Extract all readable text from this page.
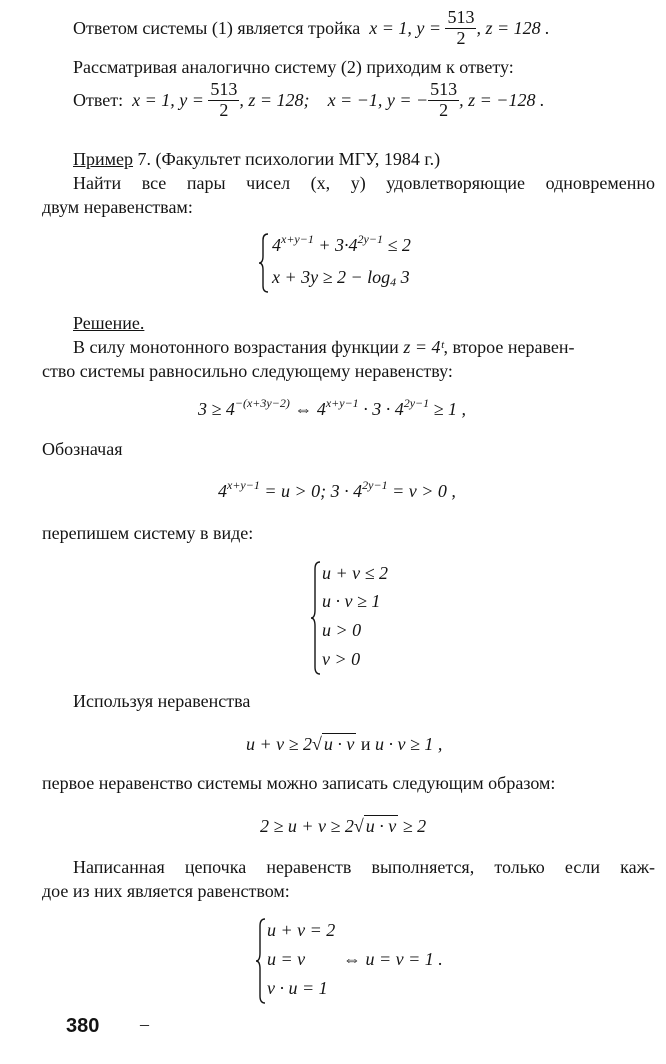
Ответом системы (1) является тройка
x = 1,
y =
$\frac{513}{2}$ , z = 128 .
Рассматривая аналогично систему (2) приходим к ответу:
Ответ:
x = 1,
y =
$\frac{513}{2}$ , z = 128;
x = −1,
y = − $\frac{513}{2}$ , z = −128 .
Пример 7. (Факультет психологии МГУ, 1984 г.)
Найти все пары чисел (x, y) удовлетворяющие одновременно
двум неравенствам:
$4^{x+y-1} + 3\cdot 4^{2y-1} \le 2$
x + 3y ≥ 2 − log4 3
Решение.
В силу монотонного возрастания функции z = 4ᵗ, второе неравен-
ство системы равносильно следующему неравенству:
$3 \ge 4^{-(x+3y-2)}$ ⇔ $4^{x+y-1} \cdot 3 \cdot 4^{2y-1} \ge 1$ ,
Обозначая
$4^{x+y-1} = u > 0$; $3 \cdot 4^{2y-1} = v > 0$ ,
перепишем систему в виде:
u + v ≤ 2
u · v ≥ 1
u > 0
v > 0
Используя неравенства
u + v ≥ 2√ u · v и u · v ≥ 1 ,
первое неравенство системы можно записать следующим образом:
2 ≥ u + v ≥ 2√ u · v ≥ 2
Написанная цепочка неравенств выполняется, только если каж-
дое из них является равенством:
u + v = 2
u = v
v · u = 1
⇔ u = v = 1 .
380 –
